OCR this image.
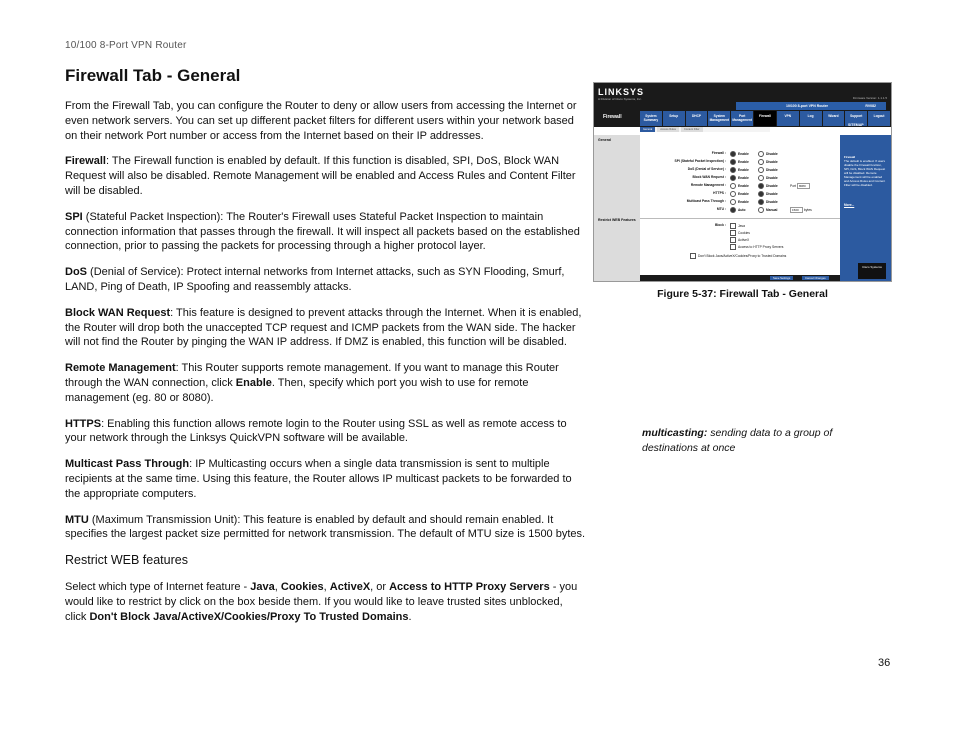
10/100 8-Port VPN Router
Firewall Tab - General

From the Firewall Tab, you can configure the Router to deny or allow users from accessing the Internet or even network servers. You can set up different packet filters for different users within your network based on their network Port number or access from the Internet based on their IP addresses.

Firewall: The Firewall function is enabled by default. If this function is disabled, SPI, DoS, Block WAN Request will also be disabled. Remote Management will be enabled and Access Rules and Content Filter will be disabled.

SPI (Stateful Packet Inspection): The Router's Firewall uses Stateful Packet Inspection to maintain connection information that passes through the firewall. It will inspect all packets based on the established connection, prior to passing the packets for processing through a higher protocol layer.

DoS (Denial of Service): Protect internal networks from Internet attacks, such as SYN Flooding, Smurf, LAND, Ping of Death, IP Spoofing and reassembly attacks.

Block WAN Request: This feature is designed to prevent attacks through the Internet. When it is enabled, the Router will drop both the unaccepted TCP request and ICMP packets from the WAN side. The hacker will not find the Router by pinging the WAN IP address. If DMZ is enabled, this function will be disabled.

Remote Management: This Router supports remote management. If you want to manage this Router through the WAN connection, click Enable. Then, specify which port you wish to use for remote management (eg. 80 or 8080).

HTTPS: Enabling this function allows remote login to the Router using SSL as well as remote access to your network through the Linksys QuickVPN software will be available.

Multicast Pass Through: IP Multicasting occurs when a single data transmission is sent to multiple recipients at the same time. Using this feature, the Router allows IP multicast packets to be forwarded to the appropriate computers.

MTU (Maximum Transmission Unit): This feature is enabled by default and should remain enabled. It specifies the largest packet size permitted for network transmission. The default of MTU size is 1500 bytes.

Restrict WEB features

Select which type of Internet feature - Java, Cookies, ActiveX, or Access to HTTP Proxy Servers - you would like to restrict by click on the box beside them. If you would like to leave trusted sites unblocked, click Don't Block Java/ActiveX/Cookies/Proxy To Trusted Domains.

LINKSYS
A Division of Cisco Systems, Inc.	Firmware Version: 1.1.1.5
10/100 8-port VPN Router	RV082
Firewall	System Summary
Setup	DHCP	System Management
Port Management
Firewall	VPN	Log	Wizard	Support	Logout
General	Access Rules	Content Filter
General
Restrict WEB Features
Firewall :	Enable	Disable
SPI (Stateful Packet Inspection) :	Enable	Disable
DoS (Denial of Service) :	Enable	Disable
Block WAN Request :	Enable	Disable
Remote Management :	Enable	Disable	Port 8080
HTTPS :	Enable	Disable
Multicast Pass Through :	Enable	Disable
MTU :	Auto	Manual	1500 bytes
Block :	Java
Cookies
ActiveX
Access to HTTP Proxy Servers
Don't Block Java/ActiveX/Cookies/Proxy to Trusted Domains
Firewall
The default is enabled. If users disable the Firewall function, SPI, DoS, Block WAN Request will be disabled. Remote Management will be enabled and Access Rules and Content Filter will be disabled.
More...
Cisco Systems
SITEMAP
Save Settings	Cancel Changes
Figure 5-37: Firewall Tab - General
multicasting: sending data to a group of destinations at once
36
